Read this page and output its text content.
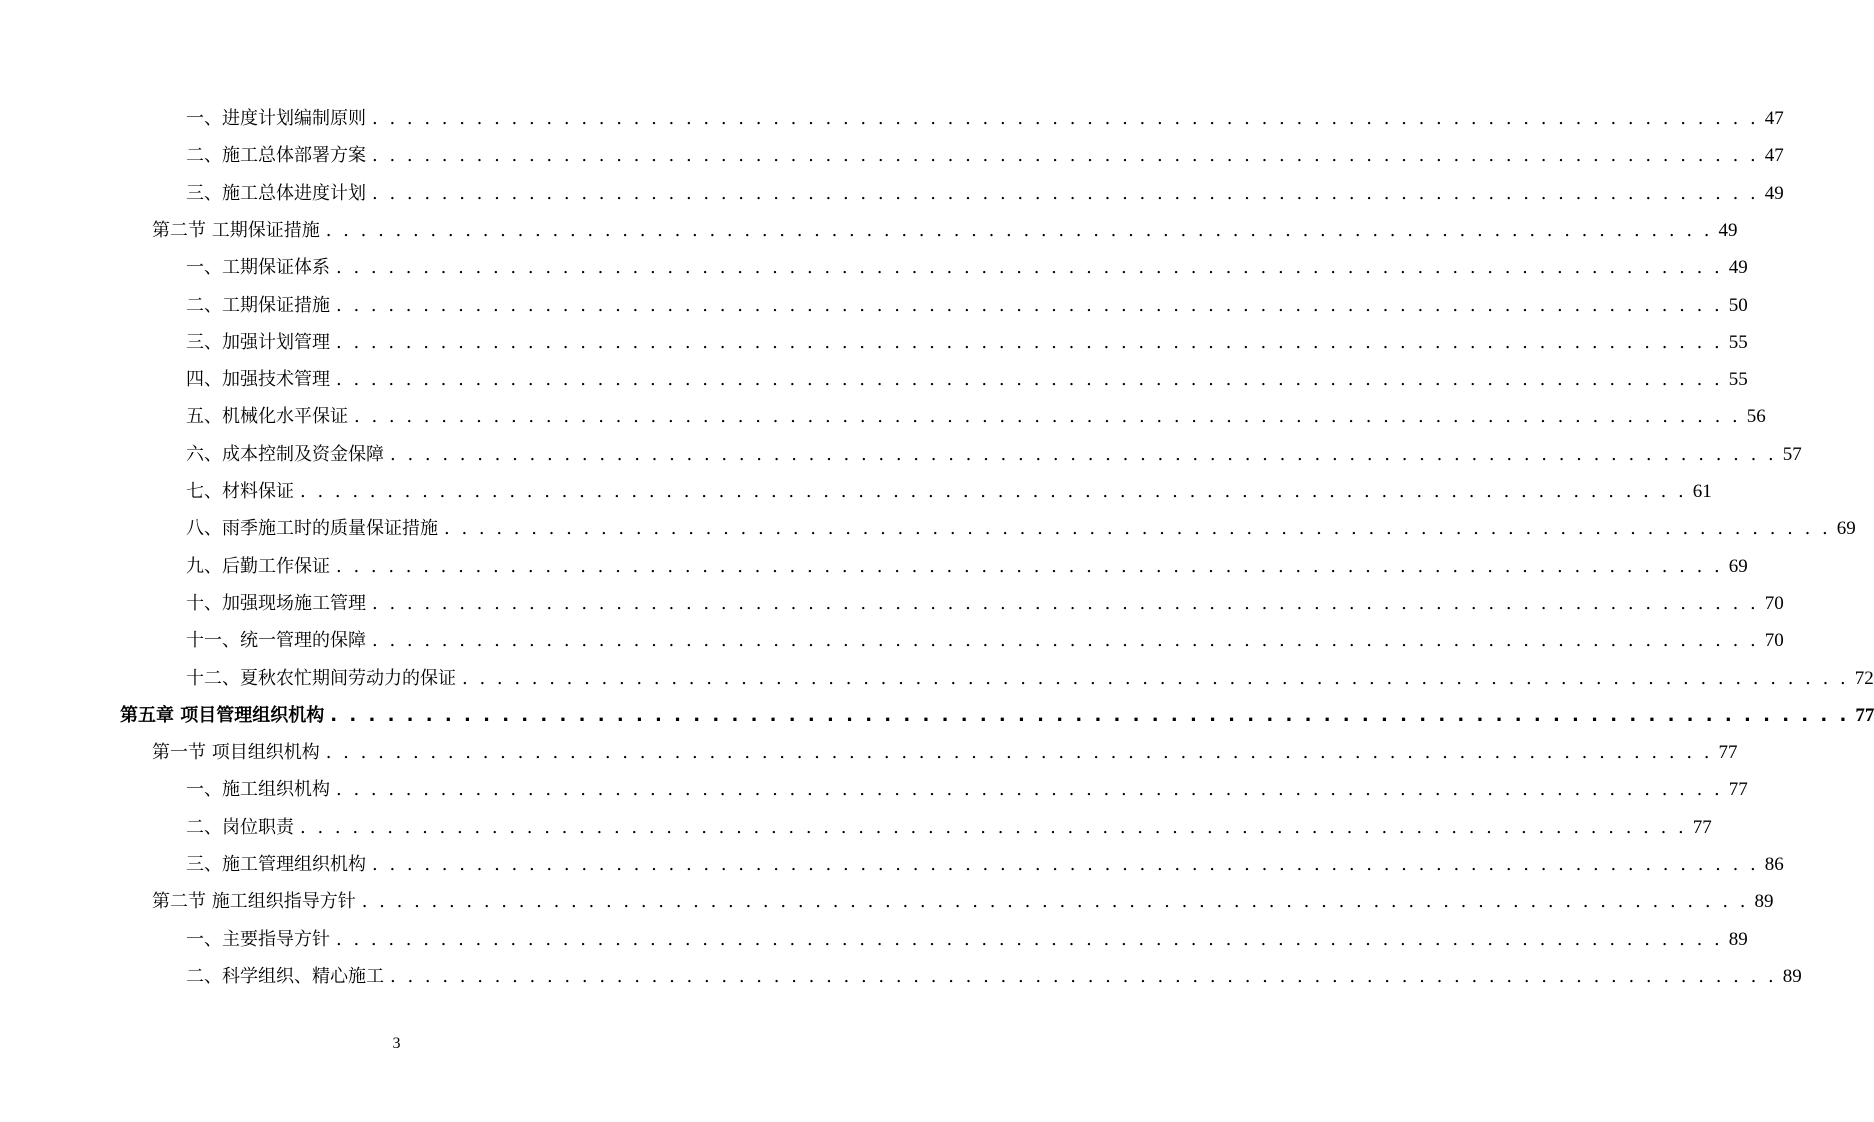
一、进度计划编制原则 . . . . . . . . . . . . . . . . . . . . . . . . . . . . . . . . . . . . . . . . . . . . . . . . . . . . . . . . . . . . . . . . . . . . . . . . . . . . . . . . 47
二、施工总体部署方案 . . . . . . . . . . . . . . . . . . . . . . . . . . . . . . . . . . . . . . . . . . . . . . . . . . . . . . . . . . . . . . . . . . . . . . . . . . . . . . . . 47
三、施工总体进度计划 . . . . . . . . . . . . . . . . . . . . . . . . . . . . . . . . . . . . . . . . . . . . . . . . . . . . . . . . . . . . . . . . . . . . . . . . . . . . . . . . 49
第二节 工期保证措施 . . . . . . . . . . . . . . . . . . . . . . . . . . . . . . . . . . . . . . . . . . . . . . . . . . . . . . . . . . . . . . . . . . . . . . . . . . . . . . . . 49
一、工期保证体系 . . . . . . . . . . . . . . . . . . . . . . . . . . . . . . . . . . . . . . . . . . . . . . . . . . . . . . . . . . . . . . . . . . . . . . . . . . . . . . . . 49
二、工期保证措施 . . . . . . . . . . . . . . . . . . . . . . . . . . . . . . . . . . . . . . . . . . . . . . . . . . . . . . . . . . . . . . . . . . . . . . . . . . . . . . . . 50
三、加强计划管理 . . . . . . . . . . . . . . . . . . . . . . . . . . . . . . . . . . . . . . . . . . . . . . . . . . . . . . . . . . . . . . . . . . . . . . . . . . . . . . . . 55
四、加强技术管理 . . . . . . . . . . . . . . . . . . . . . . . . . . . . . . . . . . . . . . . . . . . . . . . . . . . . . . . . . . . . . . . . . . . . . . . . . . . . . . . . 55
五、机械化水平保证 . . . . . . . . . . . . . . . . . . . . . . . . . . . . . . . . . . . . . . . . . . . . . . . . . . . . . . . . . . . . . . . . . . . . . . . . . . . . . . . . 56
六、成本控制及资金保障 . . . . . . . . . . . . . . . . . . . . . . . . . . . . . . . . . . . . . . . . . . . . . . . . . . . . . . . . . . . . . . . . . . . . . . . . . . . . . . . . 57
七、材料保证 . . . . . . . . . . . . . . . . . . . . . . . . . . . . . . . . . . . . . . . . . . . . . . . . . . . . . . . . . . . . . . . . . . . . . . . . . . . . . . . . 61
八、雨季施工时的质量保证措施 . . . . . . . . . . . . . . . . . . . . . . . . . . . . . . . . . . . . . . . . . . . . . . . . . . . . . . . . . . . . . . . . . . . . . . . . . . . . . . . . 69
九、后勤工作保证 . . . . . . . . . . . . . . . . . . . . . . . . . . . . . . . . . . . . . . . . . . . . . . . . . . . . . . . . . . . . . . . . . . . . . . . . . . . . . . . . 69
十、加强现场施工管理 . . . . . . . . . . . . . . . . . . . . . . . . . . . . . . . . . . . . . . . . . . . . . . . . . . . . . . . . . . . . . . . . . . . . . . . . . . . . . . . . 70
十一、统一管理的保障 . . . . . . . . . . . . . . . . . . . . . . . . . . . . . . . . . . . . . . . . . . . . . . . . . . . . . . . . . . . . . . . . . . . . . . . . . . . . . . . . 70
十二、夏秋农忙期间劳动力的保证 . . . . . . . . . . . . . . . . . . . . . . . . . . . . . . . . . . . . . . . . . . . . . . . . . . . . . . . . . . . . . . . . . . . . . . . . . . . . . . . . 72
第五章 项目管理组织机构 . . . . . . . . . . . . . . . . . . . . . . . . . . . . . . . . . . . . . . . . . . . . . . . . . . . . . . . . . . . . . . . . . . . . . . . . . . . . . . . . 77
第一节 项目组织机构 . . . . . . . . . . . . . . . . . . . . . . . . . . . . . . . . . . . . . . . . . . . . . . . . . . . . . . . . . . . . . . . . . . . . . . . . . . . . . . . . 77
一、施工组织机构 . . . . . . . . . . . . . . . . . . . . . . . . . . . . . . . . . . . . . . . . . . . . . . . . . . . . . . . . . . . . . . . . . . . . . . . . . . . . . . . . 77
二、岗位职责 . . . . . . . . . . . . . . . . . . . . . . . . . . . . . . . . . . . . . . . . . . . . . . . . . . . . . . . . . . . . . . . . . . . . . . . . . . . . . . . . 77
三、施工管理组织机构 . . . . . . . . . . . . . . . . . . . . . . . . . . . . . . . . . . . . . . . . . . . . . . . . . . . . . . . . . . . . . . . . . . . . . . . . . . . . . . . . 86
第二节 施工组织指导方针 . . . . . . . . . . . . . . . . . . . . . . . . . . . . . . . . . . . . . . . . . . . . . . . . . . . . . . . . . . . . . . . . . . . . . . . . . . . . . . . . 89
一、主要指导方针 . . . . . . . . . . . . . . . . . . . . . . . . . . . . . . . . . . . . . . . . . . . . . . . . . . . . . . . . . . . . . . . . . . . . . . . . . . . . . . . . 89
二、科学组织、精心施工 . . . . . . . . . . . . . . . . . . . . . . . . . . . . . . . . . . . . . . . . . . . . . . . . . . . . . . . . . . . . . . . . . . . . . . . . . . . . . . . . 89
3
